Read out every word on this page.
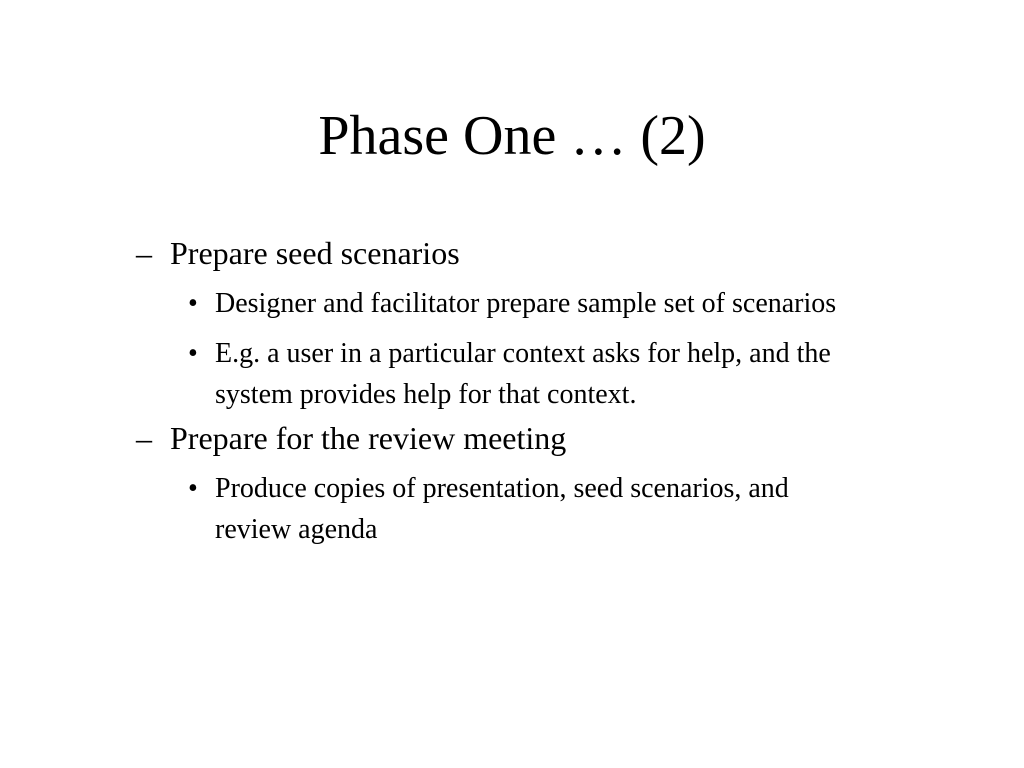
Phase One … (2)
– Prepare seed scenarios
• Designer and facilitator prepare sample set of scenarios
• E.g. a user in a particular context asks for help, and the system provides help for that context.
– Prepare for the review meeting
• Produce copies of presentation, seed scenarios, and review agenda
